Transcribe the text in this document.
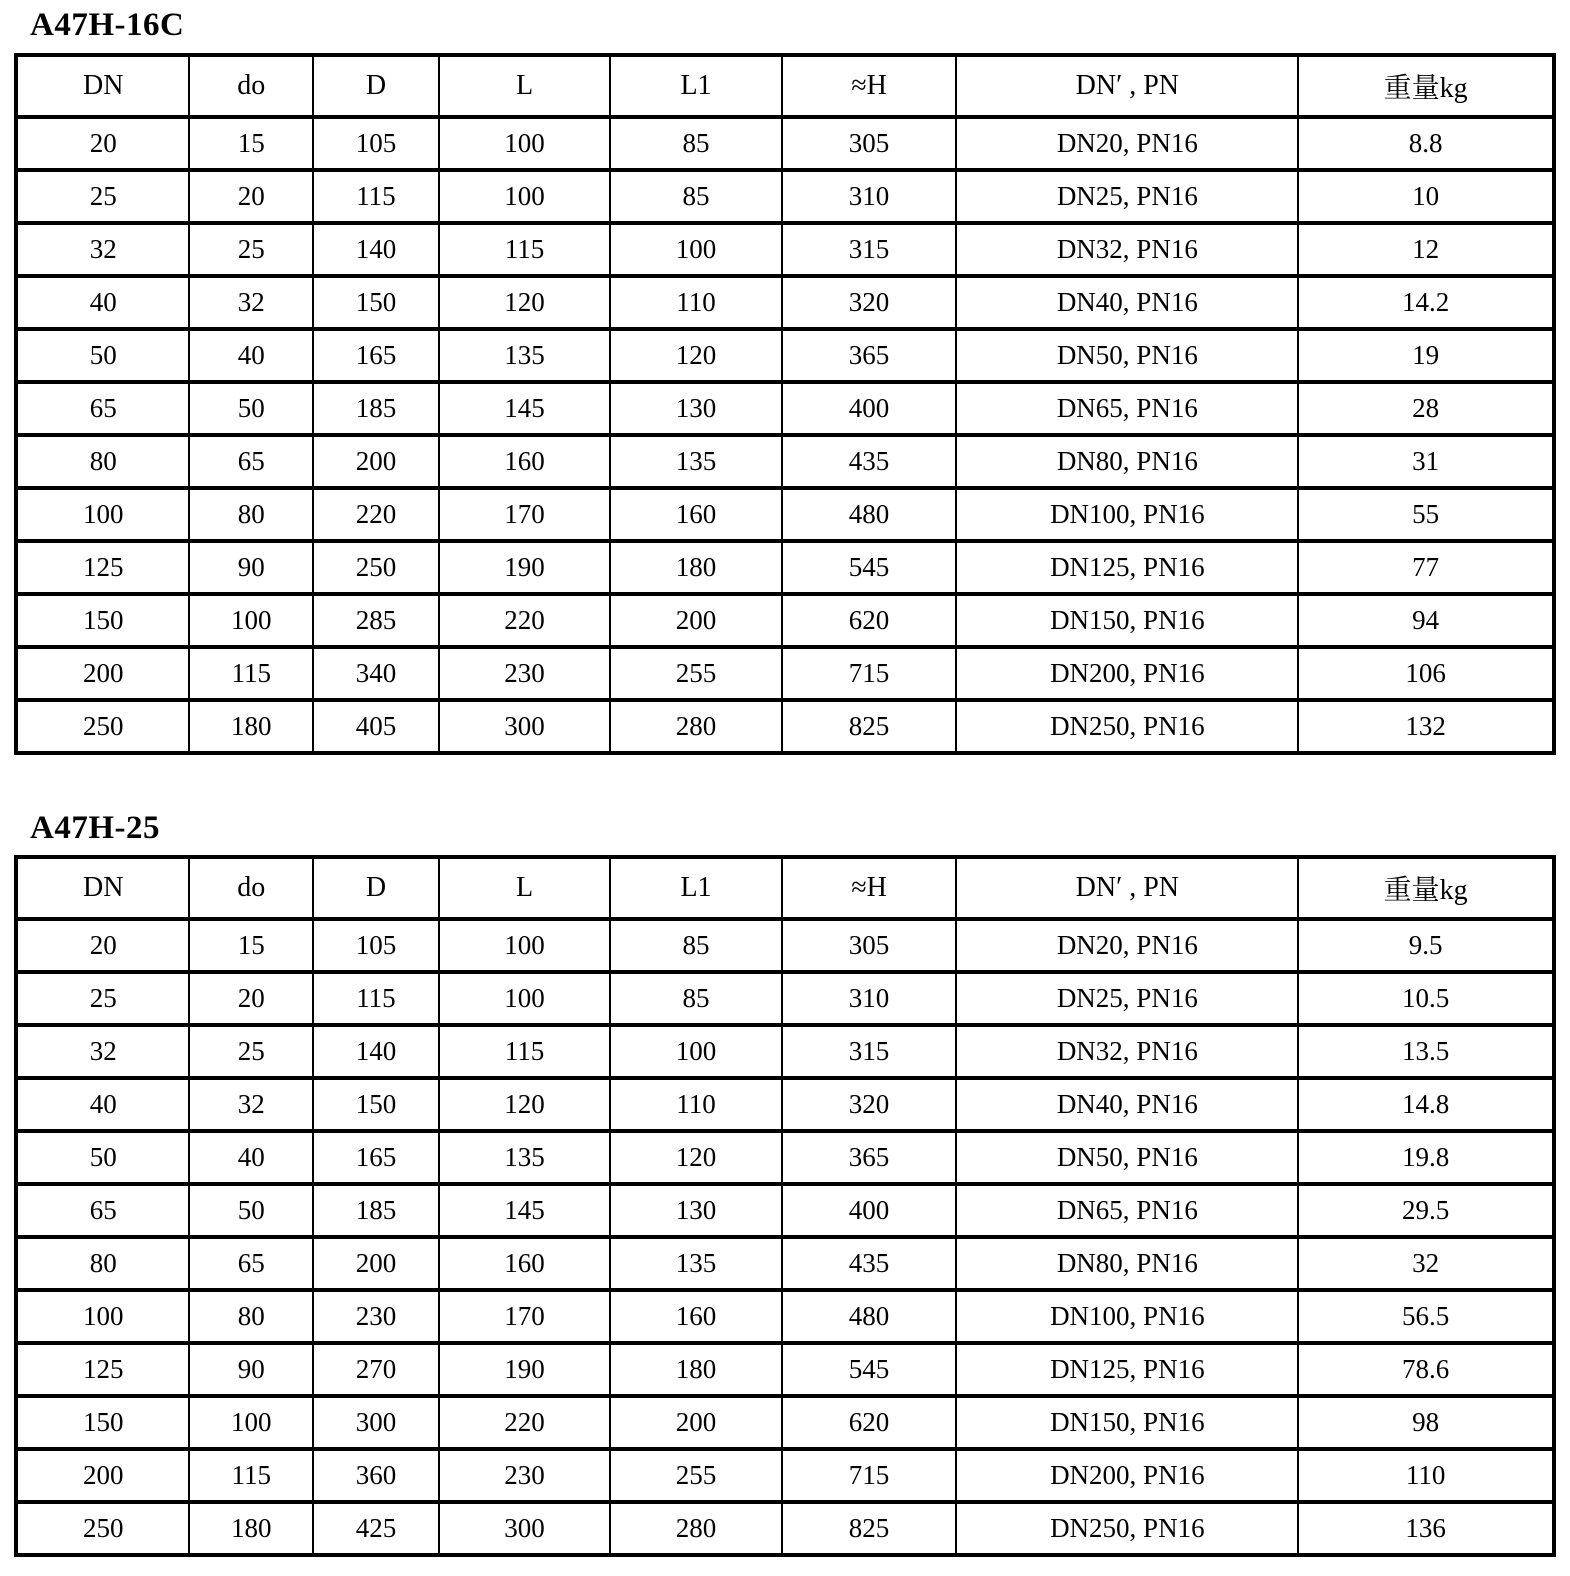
A47H-16C
DN	do	D	L	L1	≈H	DN′ , PN	重量kg
20	15	105	100	85	305	DN20, PN16	8.8
25	20	115	100	85	310	DN25, PN16	10
32	25	140	115	100	315	DN32, PN16	12
40	32	150	120	110	320	DN40, PN16	14.2
50	40	165	135	120	365	DN50, PN16	19
65	50	185	145	130	400	DN65, PN16	28
80	65	200	160	135	435	DN80, PN16	31
100	80	220	170	160	480	DN100, PN16	55
125	90	250	190	180	545	DN125, PN16	77
150	100	285	220	200	620	DN150, PN16	94
200	115	340	230	255	715	DN200, PN16	106
250	180	405	300	280	825	DN250, PN16	132
A47H-25
DN	do	D	L	L1	≈H	DN′ , PN	重量kg
20	15	105	100	85	305	DN20, PN16	9.5
25	20	115	100	85	310	DN25, PN16	10.5
32	25	140	115	100	315	DN32, PN16	13.5
40	32	150	120	110	320	DN40, PN16	14.8
50	40	165	135	120	365	DN50, PN16	19.8
65	50	185	145	130	400	DN65, PN16	29.5
80	65	200	160	135	435	DN80, PN16	32
100	80	230	170	160	480	DN100, PN16	56.5
125	90	270	190	180	545	DN125, PN16	78.6
150	100	300	220	200	620	DN150, PN16	98
200	115	360	230	255	715	DN200, PN16	110
250	180	425	300	280	825	DN250, PN16	136
